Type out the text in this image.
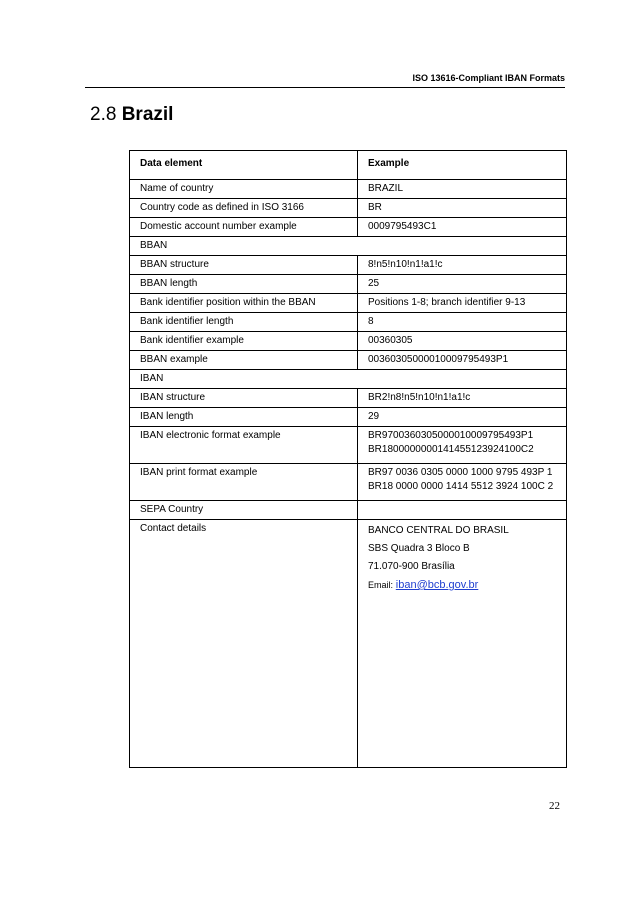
ISO 13616-Compliant IBAN Formats
2.8 Brazil
Data element	Example
Name of country	BRAZIL
Country code as defined in ISO 3166	BR
Domestic account number example	0009795493C1
BBAN	
BBAN structure	8!n5!n10!n1!a1!c
BBAN length	25
Bank identifier position within the BBAN	Positions 1-8; branch identifier 9-13
Bank identifier length	8
Bank identifier example	00360305
BBAN example	00360305000010009795493P1
IBAN	
IBAN structure	BR2!n8!n5!n10!n1!a1!c
IBAN length	29
IBAN electronic format example	BR9700360305000010009795493P1
BR1800000000141455123924100C2

IBAN print format example	BR97 0036 0305 0000 1000 9795 493P 1
BR18 0000 0000 1414 5512 3924 100C 2

SEPA Country	
Contact details	BANCO CENTRAL DO BRASIL
SBS Quadra 3 Bloco B
71.070-900 Brasília
Email: iban@bcb.gov.br
22
